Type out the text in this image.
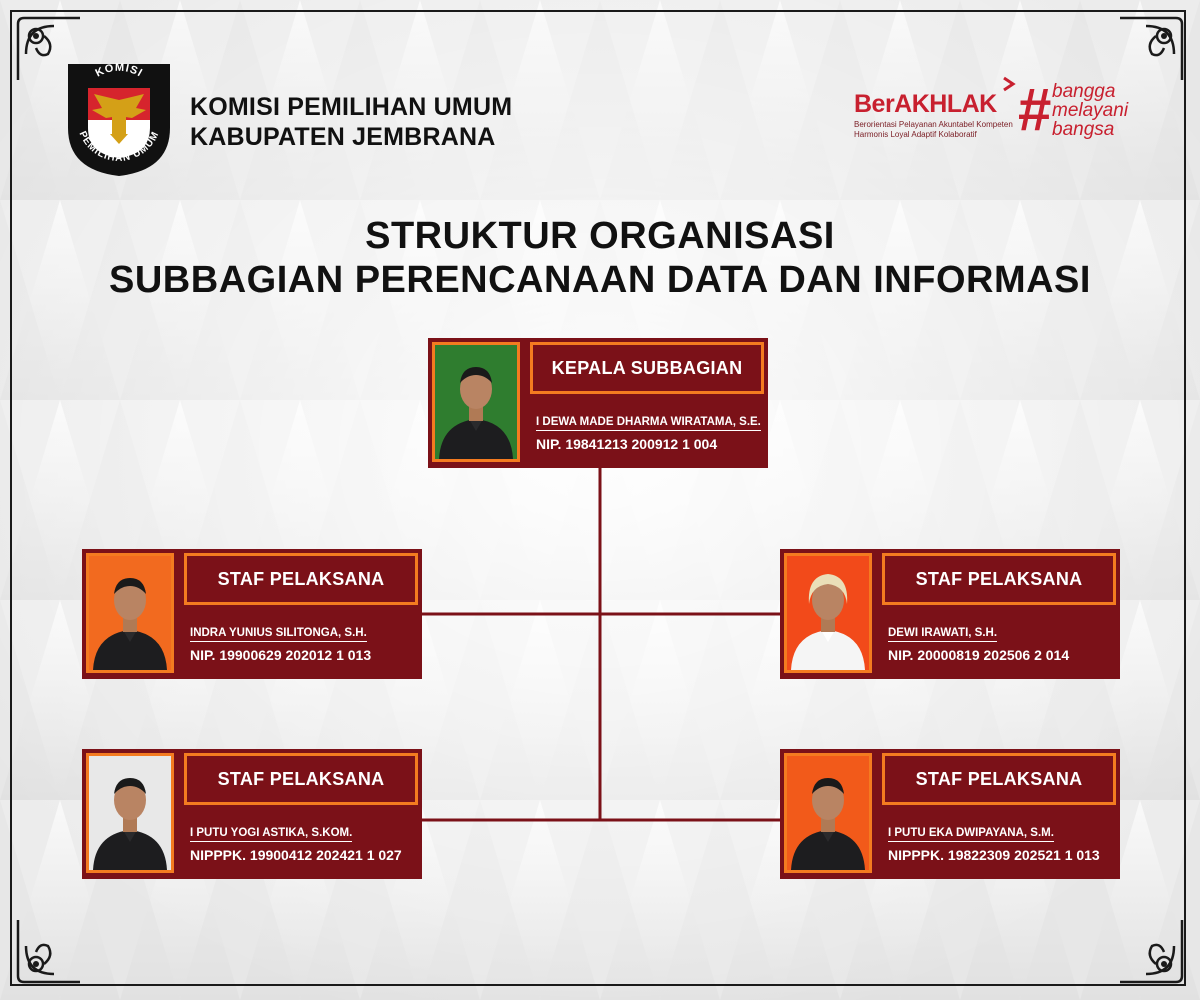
KOMISI
PEMILIHAN UMUM
KOMISI PEMILIHAN UMUM
KABUPATEN JEMBRANA
BerAKHLAK
Berorientasi Pelayanan Akuntabel Kompeten
Harmonis Loyal Adaptif Kolaboratif # bangga
melayani
bangsa
STRUKTUR ORGANISASI
SUBBAGIAN PERENCANAAN DATA DAN INFORMASI
KEPALA SUBBAGIAN
I DEWA MADE DHARMA WIRATAMA, S.E.
NIP. 19841213 200912 1 004
STAF PELAKSANA
INDRA YUNIUS SILITONGA, S.H.
NIP. 19900629 202012 1 013
STAF PELAKSANA
DEWI IRAWATI, S.H.
NIP. 20000819 202506 2 014
STAF PELAKSANA
I PUTU YOGI ASTIKA, S.KOM.
NIPPPK. 19900412 202421 1 027
STAF PELAKSANA
I PUTU EKA DWIPAYANA, S.M.
NIPPPK. 19822309 202521 1 013
